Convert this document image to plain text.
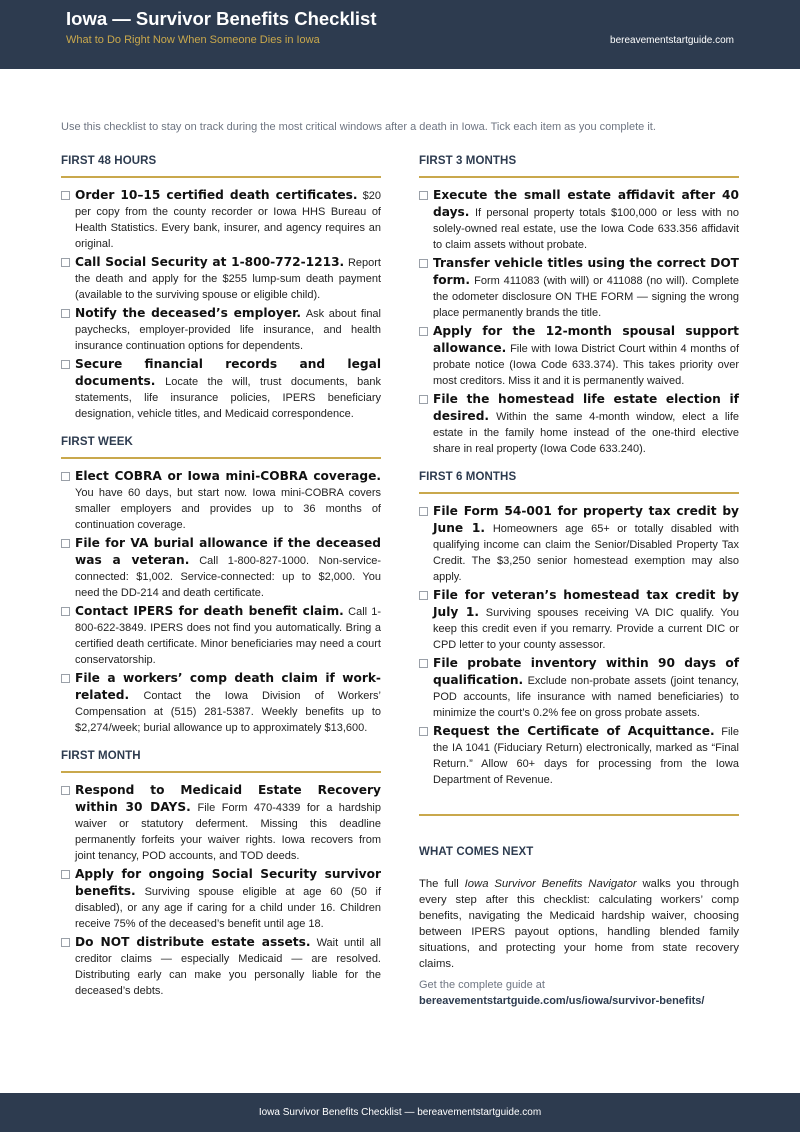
Iowa — Survivor Benefits Checklist
What to Do Right Now When Someone Dies in Iowa	bereavementstartguide.com
Use this checklist to stay on track during the most critical windows after a death in Iowa. Tick each item as you complete it.
FIRST 48 HOURS
Order 10–15 certified death certificates. $20 per copy from the county recorder or Iowa HHS Bureau of Health Statistics. Every bank, insurer, and agency requires an original.
Call Social Security at 1-800-772-1213. Report the death and apply for the $255 lump-sum death payment (available to the surviving spouse or eligible child).
Notify the deceased’s employer. Ask about final paychecks, employer-provided life insurance, and health insurance continuation options for dependents.
Secure financial records and legal documents. Locate the will, trust documents, bank statements, life insurance policies, IPERS beneficiary designation, vehicle titles, and Medicaid correspondence.
FIRST WEEK
Elect COBRA or Iowa mini-COBRA coverage. You have 60 days, but start now. Iowa mini-COBRA covers smaller employers and provides up to 36 months of continuation coverage.
File for VA burial allowance if the deceased was a veteran. Call 1-800-827-1000. Non-service-connected: $1,002. Service-connected: up to $2,000. You need the DD-214 and death certificate.
Contact IPERS for death benefit claim. Call 1-800-622-3849. IPERS does not find you automatically. Bring a certified death certificate. Minor beneficiaries may need a court conservatorship.
File a workers’ comp death claim if work-related. Contact the Iowa Division of Workers’ Compensation at (515) 281-5387. Weekly benefits up to $2,274/week; burial allowance up to approximately $13,600.
FIRST MONTH
Respond to Medicaid Estate Recovery within 30 DAYS. File Form 470-4339 for a hardship waiver or statutory deferment. Missing this deadline permanently forfeits your waiver rights. Iowa recovers from joint tenancy, POD accounts, and TOD deeds.
Apply for ongoing Social Security survivor benefits. Surviving spouse eligible at age 60 (50 if disabled), or any age if caring for a child under 16. Children receive 75% of the deceased’s benefit until age 18.
Do NOT distribute estate assets. Wait until all creditor claims — especially Medicaid — are resolved. Distributing early can make you personally liable for the deceased’s debts.
FIRST 3 MONTHS
Execute the small estate affidavit after 40 days. If personal property totals $100,000 or less with no solely-owned real estate, use the Iowa Code 633.356 affidavit to claim assets without probate.
Transfer vehicle titles using the correct DOT form. Form 411083 (with will) or 411088 (no will). Complete the odometer disclosure ON THE FORM — signing the wrong place permanently brands the title.
Apply for the 12-month spousal support allowance. File with Iowa District Court within 4 months of probate notice (Iowa Code 633.374). This takes priority over most creditors. Miss it and it is permanently waived.
File the homestead life estate election if desired. Within the same 4-month window, elect a life estate in the family home instead of the one-third elective share in real property (Iowa Code 633.240).
FIRST 6 MONTHS
File Form 54-001 for property tax credit by June 1. Homeowners age 65+ or totally disabled with qualifying income can claim the Senior/Disabled Property Tax Credit. The $3,250 senior homestead exemption may also apply.
File for veteran’s homestead tax credit by July 1. Surviving spouses receiving VA DIC qualify. You keep this credit even if you remarry. Provide a current DIC or CPD letter to your county assessor.
File probate inventory within 90 days of qualification. Exclude non-probate assets (joint tenancy, POD accounts, life insurance with named beneficiaries) to minimize the court’s 0.2% fee on gross probate assets.
Request the Certificate of Acquittance. File the IA 1041 (Fiduciary Return) electronically, marked as “Final Return.” Allow 60+ days for processing from the Iowa Department of Revenue.
WHAT COMES NEXT
The full Iowa Survivor Benefits Navigator walks you through every step after this checklist: calculating workers’ comp benefits, navigating the Medicaid hardship waiver, choosing between IPERS payout options, handling blended family situations, and protecting your home from state recovery claims.
Get the complete guide at
bereavementstartguide.com/us/iowa/survivor-benefits/
Iowa Survivor Benefits Checklist — bereavementstartguide.com
